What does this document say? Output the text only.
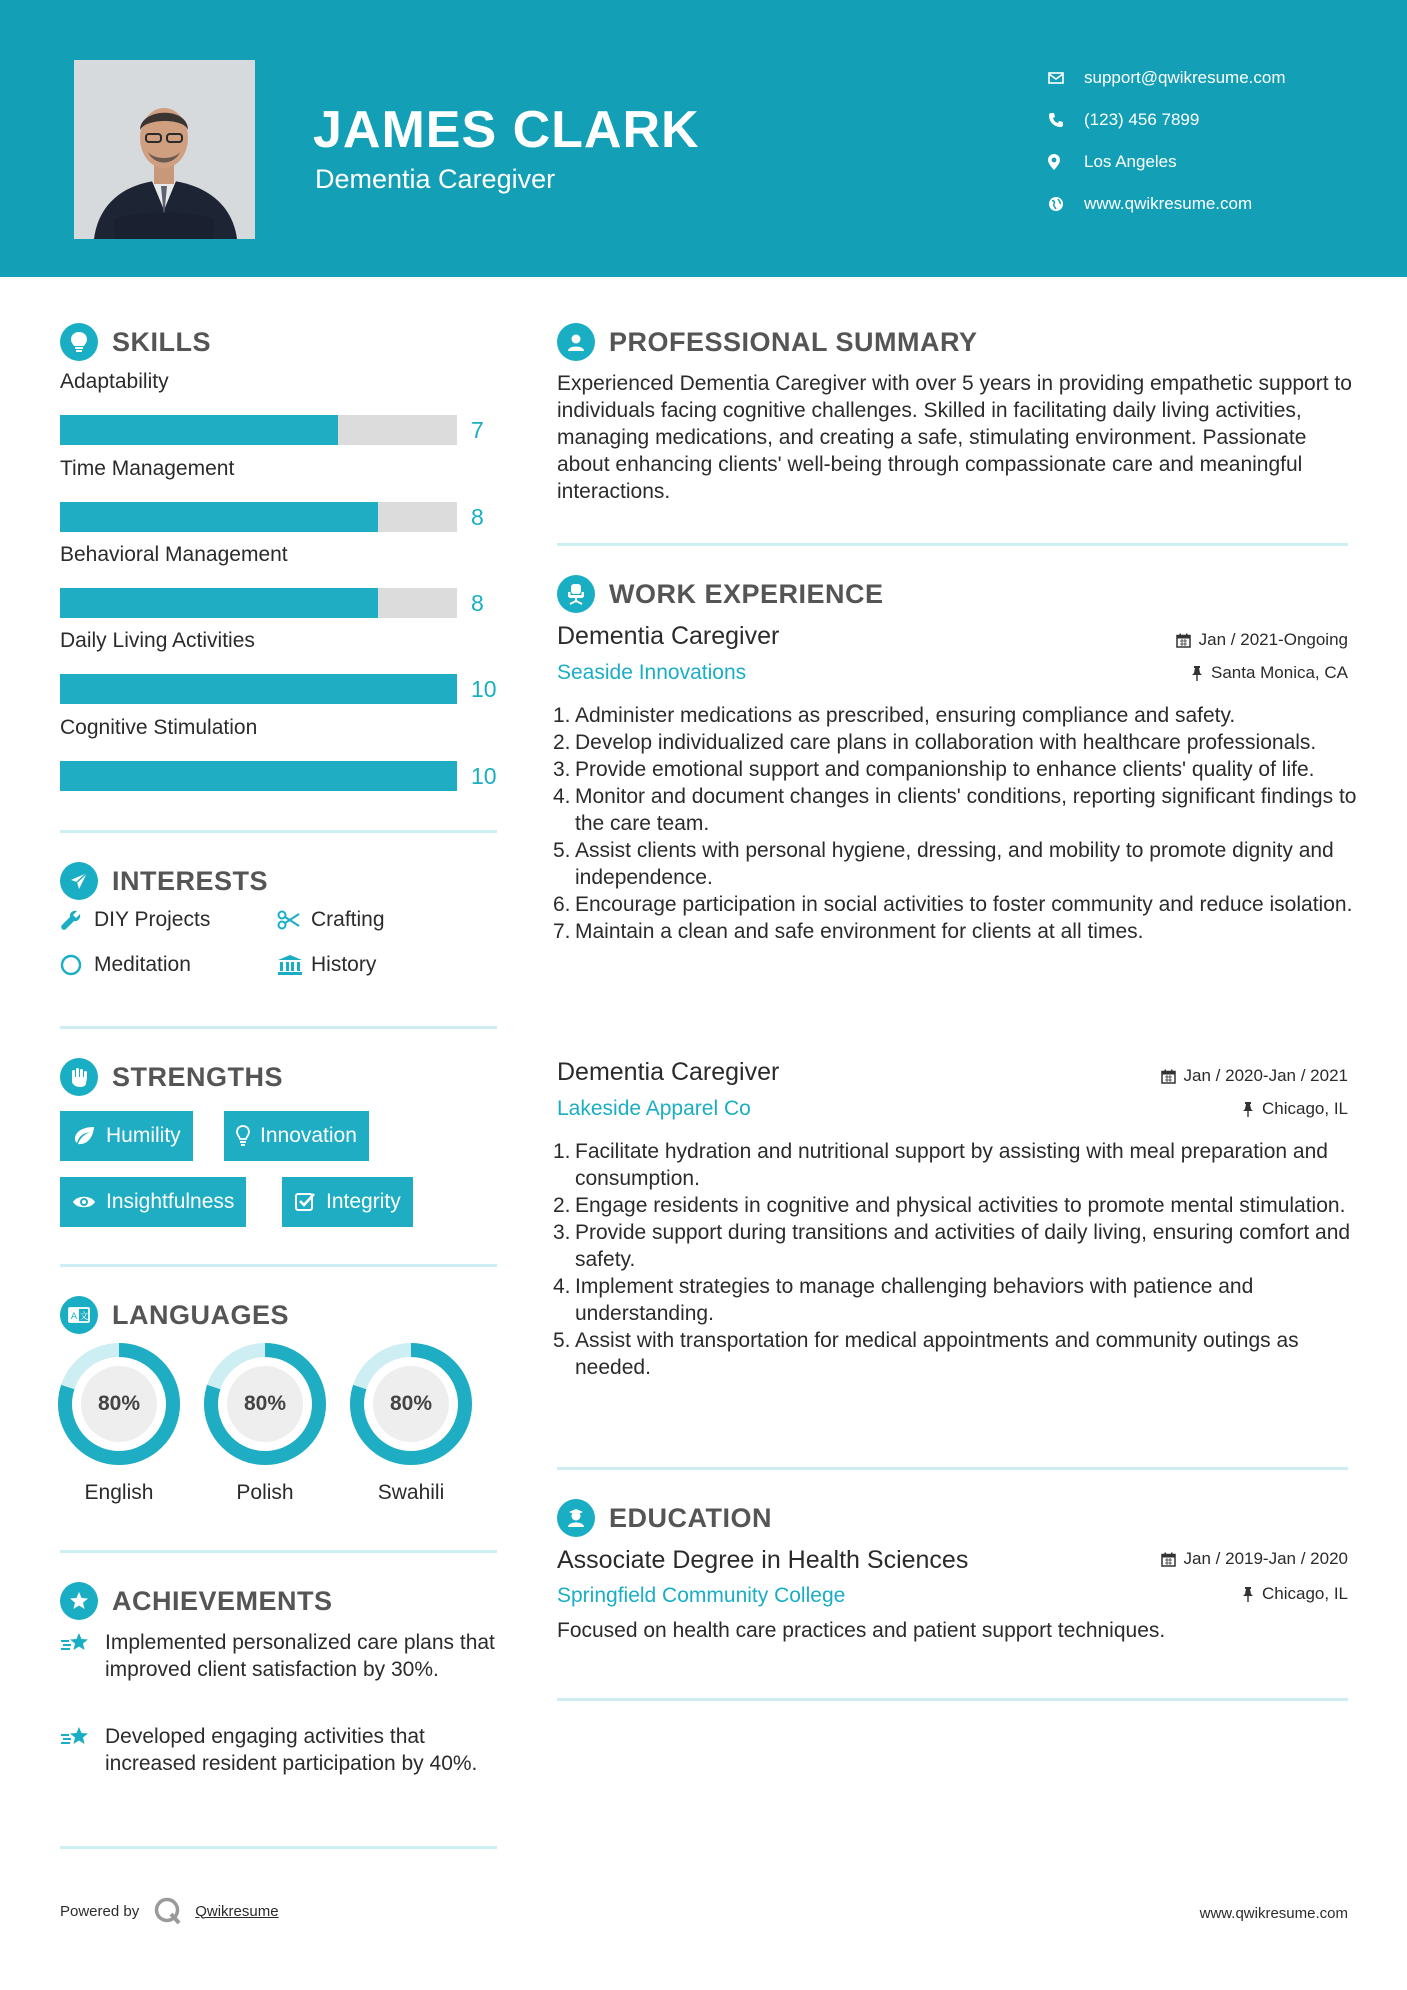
JAMES CLARK
Dementia Caregiver
support@qwikresume.com
(123) 456 7899
Los Angeles
www.qwikresume.com
SKILLS
Adaptability
7
Time Management
8
Behavioral Management
8
Daily Living Activities
10
Cognitive Stimulation
10
INTERESTS
DIY Projects	Crafting
Meditation	History
STRENGTHS
Humility	Innovation
Insightfulness	Integrity
A 文 LANGUAGES
80%
English
80%
Polish
80%
Swahili
ACHIEVEMENTS
Implemented personalized care plans that improved client satisfaction by 30%.
Developed engaging activities that increased resident participation by 40%.
PROFESSIONAL SUMMARY
Experienced Dementia Caregiver with over 5 years in providing empathetic support to individuals facing cognitive challenges. Skilled in facilitating daily living activities, managing medications, and creating a safe, stimulating environment. Passionate about enhancing clients' well-being through compassionate care and meaningful interactions.
WORK EXPERIENCE
Dementia Caregiver	Jan / 2021-Ongoing
Seaside Innovations	Santa Monica, CA
1. Administer medications as prescribed, ensuring compliance and safety.
2. Develop individualized care plans in collaboration with healthcare professionals.
3. Provide emotional support and companionship to enhance clients' quality of life.
4. Monitor and document changes in clients' conditions, reporting significant findings to the care team.
5. Assist clients with personal hygiene, dressing, and mobility to promote dignity and independence.
6. Encourage participation in social activities to foster community and reduce isolation.
7. Maintain a clean and safe environment for clients at all times.
Dementia Caregiver	Jan / 2020-Jan / 2021
Lakeside Apparel Co	Chicago, IL
1. Facilitate hydration and nutritional support by assisting with meal preparation and consumption.
2. Engage residents in cognitive and physical activities to promote mental stimulation.
3. Provide support during transitions and activities of daily living, ensuring comfort and safety.
4. Implement strategies to manage challenging behaviors with patience and understanding.
5. Assist with transportation for medical appointments and community outings as needed.
EDUCATION
Associate Degree in Health Sciences	Jan / 2019-Jan / 2020
Springfield Community College	Chicago, IL
Focused on health care practices and patient support techniques.
Powered by	Qwikresume	www.qwikresume.com
